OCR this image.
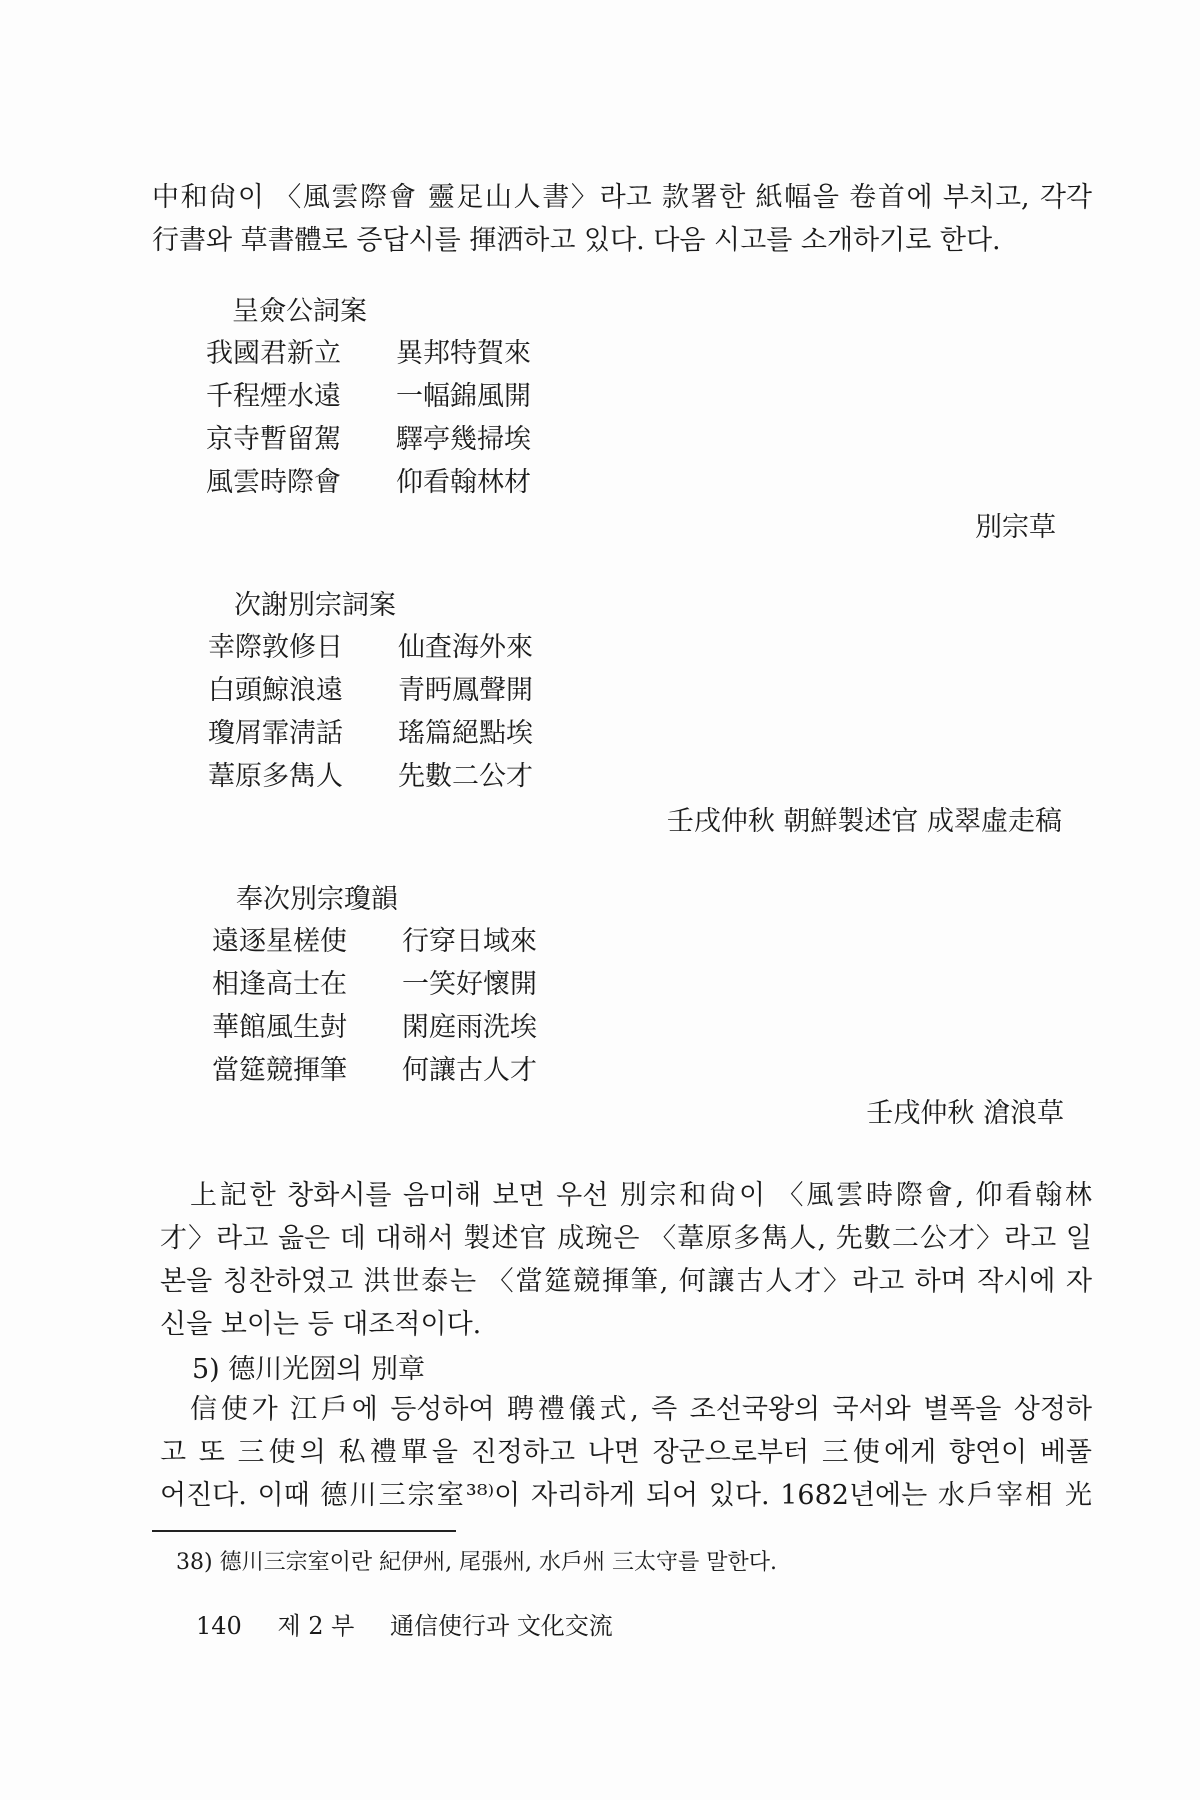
中和尙이 〈風雲際會 靈足山人書〉라고 款署한 紙幅을 卷首에 부치고, 각각
行書와 草書體로 증답시를 揮洒하고 있다. 다음 시고를 소개하기로 한다.
呈僉公詞案
我國君新立	異邦特賀來
千程煙水遠	一幅錦風開
京寺暫留駕	驛亭幾掃埃
風雲時際會	仰看翰林材
別宗草
次謝別宗詞案
幸際敦修日	仙査海外來
白頭鯨浪遠	青眄鳳聲開
瓊屑霏淸話	瑤篇絕點埃
葦原多雋人	先數二公才
壬戌仲秋 朝鮮製述官 成翠虛走稿
奉次別宗瓊韻
遠逐星槎使	行穿日域來
相逢高士在	一笑好懷開
華館風生尌	閑庭雨洗埃
當筵競揮筆	何讓古人才
壬戌仲秋 滄浪草
上記한 창화시를 음미해 보면 우선 別宗和尙이 〈風雲時際會, 仰看翰林
才〉라고 읊은 데 대해서 製述官 成琬은 〈葦原多雋人, 先數二公才〉라고 일
본을 칭찬하였고 洪世泰는 〈當筵競揮筆, 何讓古人才〉라고 하며 작시에 자
신을 보이는 등 대조적이다.
5) 德川光圀의 別章
信使가 江戶에 등성하여 聘禮儀式, 즉 조선국왕의 국서와 별폭을 상정하
고 또 三使의 私禮單을 진정하고 나면 장군으로부터 三使에게 향연이 베풀
어진다. 이때 德川三宗室³⁸⁾이 자리하게 되어 있다. 1682년에는 水戶宰相 光
38) 德川三宗室이란 紀伊州, 尾張州, 水戶州 三太守를 말한다.
140 제 2 부 通信使行과 文化交流
